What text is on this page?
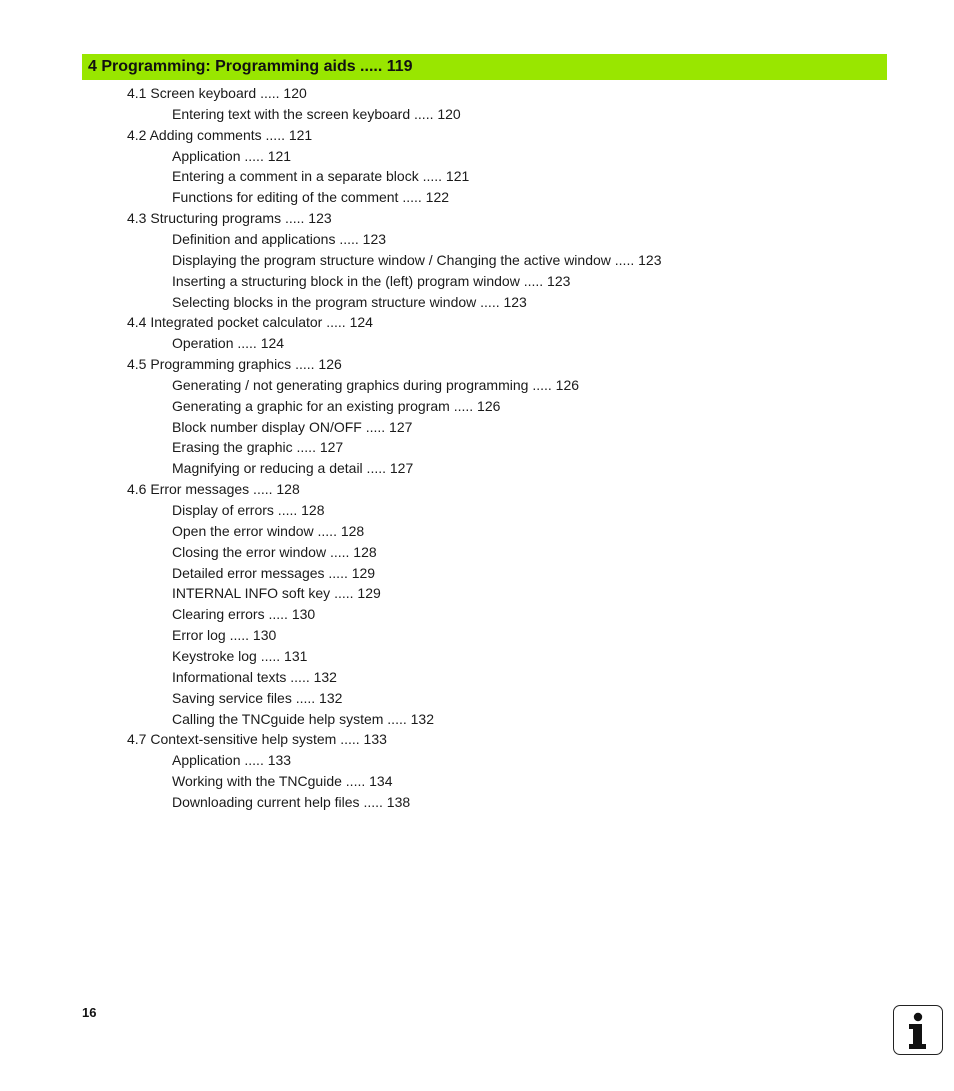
4 Programming: Programming aids ..... 119
4.1 Screen keyboard ..... 120
Entering text with the screen keyboard ..... 120
4.2 Adding comments ..... 121
Application ..... 121
Entering a comment in a separate block ..... 121
Functions for editing of the comment ..... 122
4.3 Structuring programs ..... 123
Definition and applications ..... 123
Displaying the program structure window / Changing the active window ..... 123
Inserting a structuring block in the (left) program window ..... 123
Selecting blocks in the program structure window ..... 123
4.4 Integrated pocket calculator ..... 124
Operation ..... 124
4.5 Programming graphics ..... 126
Generating / not generating graphics during programming ..... 126
Generating a graphic for an existing program ..... 126
Block number display ON/OFF ..... 127
Erasing the graphic ..... 127
Magnifying or reducing a detail ..... 127
4.6 Error messages ..... 128
Display of errors ..... 128
Open the error window ..... 128
Closing the error window ..... 128
Detailed error messages ..... 129
INTERNAL INFO soft key ..... 129
Clearing errors ..... 130
Error log ..... 130
Keystroke log ..... 131
Informational texts ..... 132
Saving service files ..... 132
Calling the TNCguide help system ..... 132
4.7 Context-sensitive help system ..... 133
Application ..... 133
Working with the TNCguide ..... 134
Downloading current help files ..... 138
16
